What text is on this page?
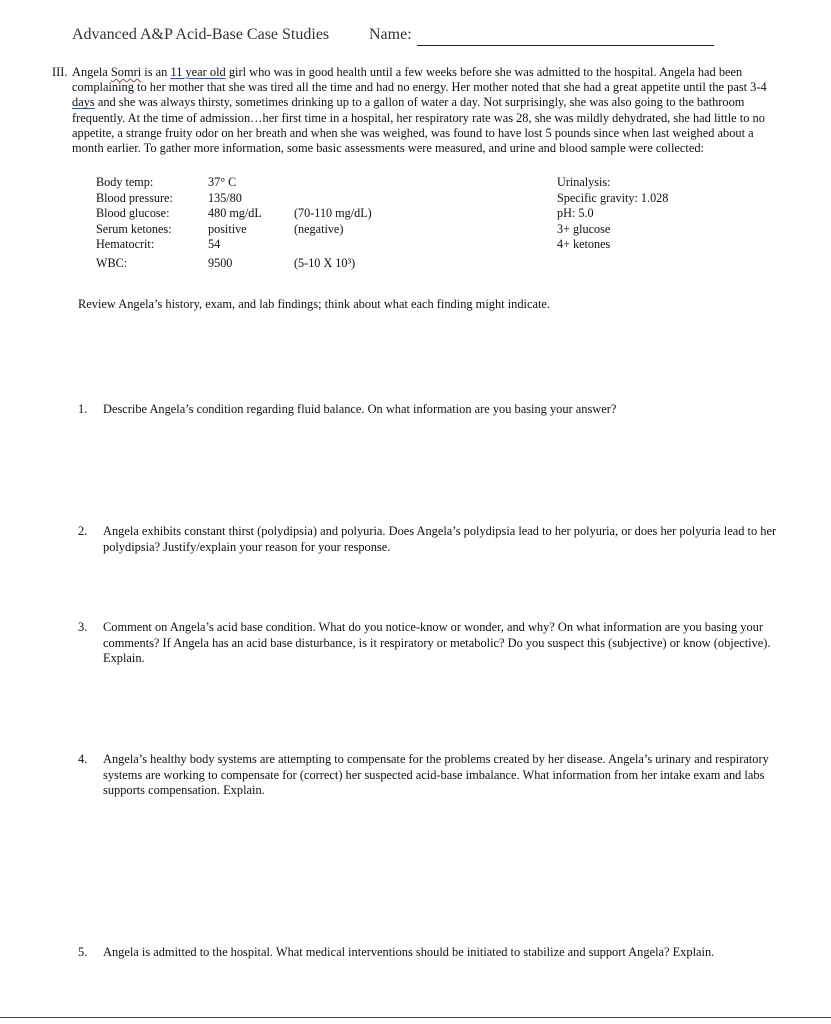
Advanced A&P Acid-Base Case Studies Name:
III. Angela Somri is an 11 year old girl who was in good health until a few weeks before she was admitted to the hospital. Angela had been complaining to her mother that she was tired all the time and had no energy. Her mother noted that she had a great appetite until the past 3-4 days and she was always thirsty, sometimes drinking up to a gallon of water a day. Not surprisingly, she was also going to the bathroom frequently. At the time of admission…her first time in a hospital, her respiratory rate was 28, she was mildly dehydrated, she had little to no appetite, a strange fruity odor on her breath and when she was weighed, was found to have lost 5 pounds since when last weighed about a month earlier. To gather more information, some basic assessments were measured, and urine and blood sample were collected:
Body temp:	37° C
Blood pressure:	135/80
Blood glucose:	480 mg/dL	(70-110 mg/dL)
Serum ketones:	positive	(negative)
Hematocrit:	54
WBC:	9500	(5-10 X 10³)
Urinalysis:
Specific gravity: 1.028
pH: 5.0
3+ glucose
4+ ketones
Review Angela’s history, exam, and lab findings; think about what each finding might indicate.
1. Describe Angela’s condition regarding fluid balance. On what information are you basing your answer?
2. Angela exhibits constant thirst (polydipsia) and polyuria. Does Angela’s polydipsia lead to her polyuria, or does her polyuria lead to her polydipsia? Justify/explain your reason for your response.
3. Comment on Angela’s acid base condition. What do you notice-know or wonder, and why? On what information are you basing your comments? If Angela has an acid base disturbance, is it respiratory or metabolic? Do you suspect this (subjective) or know (objective). Explain.
4. Angela’s healthy body systems are attempting to compensate for the problems created by her disease. Angela’s urinary and respiratory systems are working to compensate for (correct) her suspected acid-base imbalance. What information from her intake exam and labs supports compensation. Explain.
5. Angela is admitted to the hospital. What medical interventions should be initiated to stabilize and support Angela? Explain.
